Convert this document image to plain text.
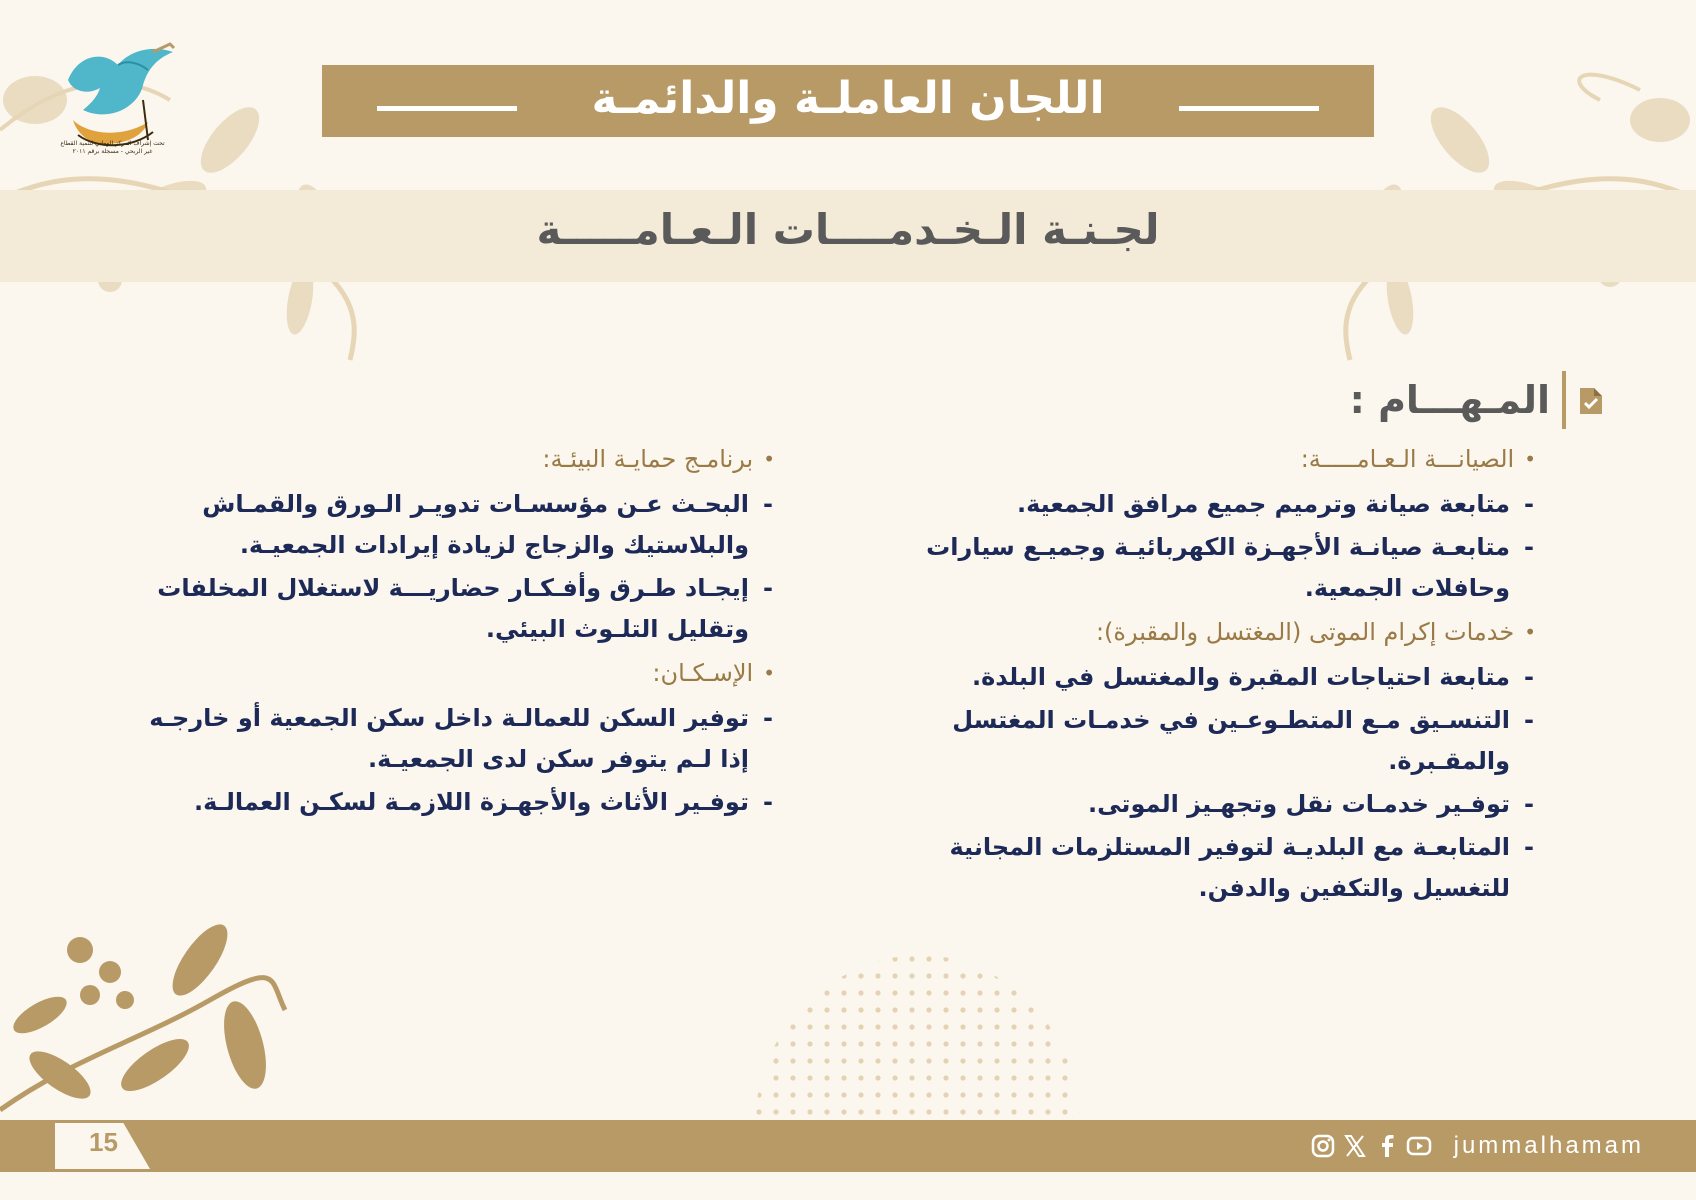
لجـنـة الـخـدمــــات الـعـامـــــة
اللجان العاملـة والدائمـة
تحت إشراف المركز الوطني لتنمية القطاع
غير الربحي - مسجلة برقم ٢٠١١
المـهـــام :
•
الصيانـــة الـعـامـــــة:
- متابعة صيانة وترميم جميع مرافق الجمعية.
- متابعـة صيانـة الأجهـزة الكهربائيـة وجميـع سيارات وحافلات الجمعية.
•
خدمات إكرام الموتى (المغتسل والمقبرة):
- متابعة احتياجات المقبرة والمغتسل في البلدة.
- التنسـيق مـع المتطـوعـين في خدمـات المغتسل والمقـبرة.
- توفـير خدمـات نقل وتجهـيز الموتى.
- المتابعـة مع البلديـة لتوفير المستلزمات المجانية للتغسيل والتكفين والدفن.
•
برنامـج حمايـة البيئـة:
- البحـث عـن مؤسسـات تدويـر الـورق والقمـاش والبلاستيك والزجاج لزيادة إيرادات الجمعيـة.
- إيجـاد طـرق وأفـكـار حضاريـــة لاستغلال المخلفات وتقليل التلـوث البيئي.
•
الإسـكـان:
- توفير السكن للعمالـة داخل سكن الجمعية أو خارجـه إذا لـم يتوفر سكن لدى الجمعيـة.
- توفـير الأثاث والأجهـزة اللازمـة لسكـن العمالـة.
15	jummalhamam
